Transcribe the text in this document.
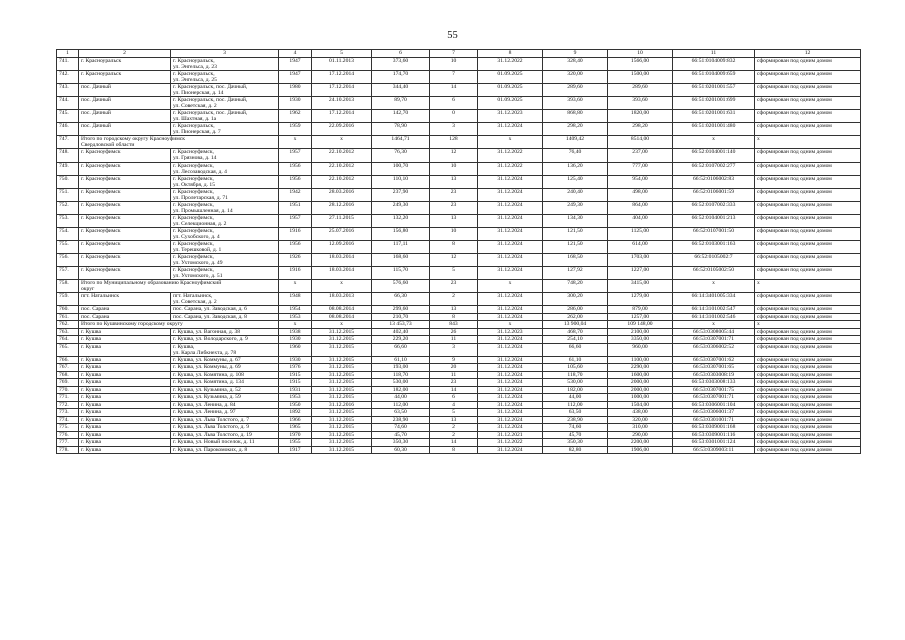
55
1	2	3	4	5	6	7	8	9	10	11	12
741.	г. Красноуральск	г. Красноуральск,
ул. Энгельса, д. 23	1947	01.11.2013	373,60	10	31.12.2022	328,40	1566,00	66:51:0104009:832	сформирован под одним домом
742.	г. Красноуральск	г. Красноуральск,
ул. Энгельса, д. 25	1947	17.12.2014	174,70	7	01.09.2025	320,00	1500,00	66:51:0104009:659	сформирован под одним домом
743.	пос. Дачный	г. Красноуральск, пос. Дачный,
ул. Пионерская, д. 14	1980	17.12.2014	344,40	14	01.09.2025	289,60	289,60	66:51:0201001:557	сформирован под одним домом
744.	пос. Дачный	г. Красноуральск, пос. Дачный,
ул. Советская, д. 2	1930	24.10.2013	89,70	6	01.09.2025	393,60	393,60	66:51:0201001:699	сформирован под одним домом
745.	пос. Дачный	г. Красноуральск, пос. Дачный,
ул. Шахтная, д. 1а	1962	17.12.2014	142,70	0	31.12.2023	868,80	1820,00	66:51:0201001:631	сформирован под одним домом
746.	пос. Дачный	г. Красноуральск,
ул. Пионерская, д. 7	1959	22.09.2016	78,90	3	31.12.2024	298,20	298,20	66:51:0201001:480	сформирован под одним домом
747.	Итого по городскому округу Красноуфимск
Свердловской области		x	x	1464,71	128	x	1409,42	8514,00	x	x
748.	г. Красноуфимск	г. Красноуфимск,
ул. Грязнова, д. 14	1957	22.10.2012	76,30	12	31.12.2022	76,40	237,00	66:52:0104001:140	сформирован под одним домом
749.	г. Красноуфимск	г. Красноуфимск,
ул. Лесозаводская, д. 4	1956	22.10.2012	100,70	10	31.12.2022	136,20	777,00	66:52:0107002:277	сформирован под одним домом
750.	г. Красноуфимск	г. Красноуфимск,
ул. Октября, д. 15	1956	22.10.2012	110,10	13	31.12.2024	125,40	954,00	66:52:0106002:83	сформирован под одним домом
751.	г. Красноуфимск	г. Красноуфимск,
ул. Пролетарская, д. 71	1942	28.03.2016	237,90	23	31.12.2024	240,40	498,00	66:52:0106001:59	сформирован под одним домом
752.	г. Красноуфимск	г. Красноуфимск,
ул. Промышленная, д. 14	1951	28.12.2016	249,30	23	31.12.2024	249,30	864,00	66:52:0107002:333	сформирован под одним домом
753.	г. Красноуфимск	г. Красноуфимск,
ул. Селекционная, д. 2	1957	27.11.2015	132,20	13	31.12.2024	134,30	404,00	66:52:0104001:213	сформирован под одним домом
754.	г. Красноуфимск	г. Красноуфимск,
ул. Сухобского, д. 4	1916	25.07.2016	156,80	10	31.12.2024	121,50	1125,00	66:52:0107001:50	сформирован под одним домом
755.	г. Красноуфимск	г. Красноуфимск,
ул. Терешковой, д. 1	1956	12.09.2016	117,11	8	31.12.2024	121,50	614,00	66:52:0103001:163	сформирован под одним домом
756.	г. Красноуфимск	г. Красноуфимск,
ул. Ухтомского, д. 49	1926	18.03.2014	168,60	12	31.12.2024	168,50	1703,00	66:52:0105002:7	сформирован под одним домом
757.	г. Красноуфимск	г. Красноуфимск,
ул. Ухтомского, д. 51	1916	18.03.2014	115,70	5	31.12.2024	127,92	1227,00	66:52:0105002:50	сформирован под одним домом
758.	Итого по Муниципальному образованию Красноуфимский
округ		x	x	576,60	23	x	748,20	3415,00	x	x
759.	пгт. Натальинск	пгт. Натальинск,
ул. Советская, д. 2	1948	18.03.2013	66,30	2	31.12.2024	300,20	1279,00	66:14:3401005:334	сформирован под одним домом
760.	пос. Сарана	пос. Сарана, ул. Заводская, д. 6	1954	08.08.2014	299,60	13	31.12.2024	286,00	879,00	66:14:3101002:547	сформирован под одним домом
761.	пос. Сарана	пос. Сарана, ул. Заводская, д. 8	1953	08.08.2014	210,70	8	31.12.2024	262,00	1257,00	66:14:3101002:546	сформирован под одним домом
762.	Итого по Кушвинскому городскому округу		x	x	13 453,73	843	x	13 900,04	109 148,00	x	x
763.	г. Кушва	г. Кушва, ул. Вагонная, д. 38	1938	31.12.2015	402,40	26	31.12.2023	468,70	2100,00	66:53:0308005:44	сформирован под одним домом
764.	г. Кушва	г. Кушва, ул. Володарского, д. 9	1930	31.12.2015	229,20	11	31.12.2024	254,10	3350,00	66:53:0307001:71	сформирован под одним домом
765.	г. Кушва	г. Кушва,
ул. Карла Либкнехта, д. 78	1960	31.12.2015	66,60	3	31.12.2024	66,60	960,00	66:53:0306002:52	сформирован под одним домом
766.	г. Кушва	г. Кушва, ул. Коммуны, д. 67	1930	31.12.2015	61,10	9	31.12.2024	61,10	1100,00	66:53:0307001:62	сформирован под одним домом
767.	г. Кушва	г. Кушва, ул. Коммуны, д. 69	1976	31.12.2015	193,00	20	31.12.2024	105,60	2290,00	66:53:0307001:65	сформирован под одним домом
768.	г. Кушва	г. Кушва, ул. Комятина, д. 108	1915	31.12.2015	118,70	11	31.12.2024	118,70	1600,00	66:53:0303008:19	сформирован под одним домом
769.	г. Кушва	г. Кушва, ул. Комятина, д. 134	1915	31.12.2015	530,00	23	31.12.2024	530,00	2000,00	66:53:0303008:133	сформирован под одним домом
770.	г. Кушва	г. Кушва, ул. Кузьмина, д. 52	1931	31.12.2015	182,00	14	31.12.2024	182,00	2000,00	66:53:0307001:75	сформирован под одним домом
771.	г. Кушва	г. Кушва, ул. Кузьмина, д. 59	1953	31.12.2015	44,00	6	31.12.2024	44,00	1000,00	66:53:0307001:71	сформирован под одним домом
772.	г. Кушва	г. Кушва, ул. Ленина, д. 84	1950	31.12.2016	112,00	4	31.12.2024	112,00	1504,00	66:53:0306001:104	сформирован под одним домом
773.	г. Кушва	г. Кушва, ул. Ленина, д. 97	1892	31.12.2015	63,50	5	31.12.2024	63,50	438,00	66:53:0306001:37	сформирован под одним домом
774.	г. Кушва	г. Кушва, ул. Льва Толстого, д. 7	1966	31.12.2015	238,90	13	31.12.2024	238,90	320,00	66:53:0301001:71	сформирован под одним домом
775.	г. Кушва	г. Кушва, ул. Льва Толстого, д. 9	1965	31.12.2015	74,60	2	31.12.2024	74,60	310,00	66:53:0309001:168	сформирован под одним домом
776.	г. Кушва	г. Кушва, ул. Льва Толстого, д. 19	1970	31.12.2015	45,70	2	31.12.2021	45,70	290,00	66:53:0309001:116	сформирован под одним домом
777.	г. Кушва	г. Кушва, ул. Новый поселок, д. 11	1955	31.12.2015	350,30	14	31.12.2022	350,30	2200,00	66:53:0301001:124	сформирован под одним домом
778.	г. Кушва	г. Кушва, ул. Парокомоких, д. 8	1917	31.12.2015	60,30	8	31.12.2024	82,80	1906,00	66:53:0309003:11	сформирован под одним домом
